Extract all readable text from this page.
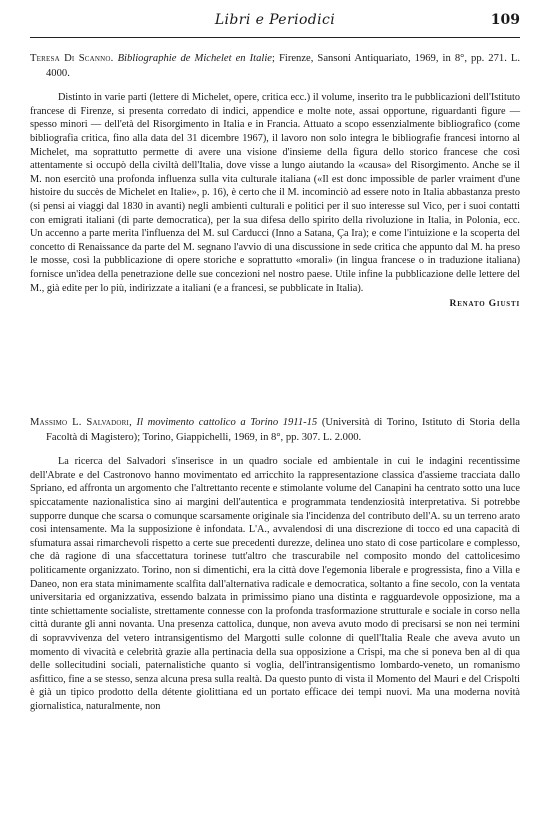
Libri e Periodici	109

Teresa Di Scanno. Bibliographie de Michelet en Italie; Firenze, Sansoni Antiquariato, 1969, in 8°, pp. 271. L. 4000.

Distinto in varie parti (lettere di Michelet, opere, critica ecc.) il volume, inserito tra le pubblicazioni dell'Istituto francese di Firenze, si presenta corredato di indici, appendice e molte note, assai opportune, riguardanti figure — spesso minori — dell'età del Risorgimento in Italia e in Francia. Attuato a scopo essenzialmente bibliografico (come bibliografia critica, fino alla data del 31 dicembre 1967), il lavoro non solo integra le bibliografie francesi intorno al Michelet, ma soprattutto permette di avere una visione d'insieme della figura dello storico francese che così attentamente si occupò della civiltà dell'Italia, dove visse a lungo aiutando la «causa» del Risorgimento. Anche se il M. non esercitò una profonda influenza sulla vita culturale italiana («Il est donc impossible de parler vraiment d'une histoire du succès de Michelet en Italie», p. 16), è certo che il M. incominciò ad essere noto in Italia abbastanza presto (si pensi ai viaggi dal 1830 in avanti) negli ambienti culturali e politici per il suo interesse sul Vico, per i suoi contatti con emigrati italiani (di parte democratica), per la sua difesa dello spirito della rivoluzione in Italia, in Polonia, ecc. Un accenno a parte merita l'influenza del M. sul Carducci (Inno a Satana, Ça Ira); e come l'intuizione e la scoperta del concetto di Renaissance da parte del M. segnano l'avvio di una discussione in sede critica che appunto dal M. ha preso le mosse, così la pubblicazione di opere storiche e soprattutto «morali» (in lingua francese o in traduzione italiana) fornisce un'idea della penetrazione delle sue concezioni nel nostro paese. Utile infine la pubblicazione delle lettere del M., già edite per lo più, indirizzate a italiani (e a francesi, se pubblicate in Italia).

Renato Giusti

Massimo L. Salvadori, Il movimento cattolico a Torino 1911-15 (Università di Torino, Istituto di Storia della Facoltà di Magistero); Torino, Giappichelli, 1969, in 8°, pp. 307. L. 2.000.

La ricerca del Salvadori s'inserisce in un quadro sociale ed ambientale in cui le indagini recentissime dell'Abrate e del Castronovo hanno movimentato ed arricchito la rappresentazione classica d'assieme tracciata dallo Spriano, ed affronta un argomento che l'altrettanto recente e stimolante volume del Canapini ha centrato sotto una luce spiccatamente nazionalistica sino ai margini dell'autentica e programmata tendenziosità interpretativa. Si potrebbe supporre dunque che scarsa o comunque scarsamente originale sia l'incidenza del contributo dell'A. su un terreno arato così intensamente. Ma la supposizione è infondata. L'A., avvalendosi di una discrezione di tocco ed una capacità di sfumatura assai rimarchevoli rispetto a certe sue precedenti durezze, delinea uno stato di cose particolare e complesso, che dà ragione di una sfaccettatura torinese tutt'altro che trascurabile nel composito mondo del cattolicesimo politicamente organizzato. Torino, non si dimentichi, era la città dove l'egemonia liberale e progressista, fino a Villa e Daneo, non era stata minimamente scalfita dall'alternativa radicale e democratica, soltanto a fine secolo, con la ventata universitaria ed organizzativa, essendo balzata in primissimo piano una distinta e ragguardevole opposizione, ma a tinte schiettamente socialiste, strettamente connesse con la profonda trasformazione strutturale e sociale in corso nella città durante gli anni novanta. Una presenza cattolica, dunque, non aveva avuto modo di precisarsi se non nei termini di sopravvivenza del vetero intransigentismo del Margotti sulle colonne di quell'Italia Reale che aveva avuto un momento di vivacità e celebrità grazie alla pertinacia della sua opposizione a Crispi, ma che si poneva ben al di qua delle sollecitudini sociali, paternalistiche quanto si voglia, dell'intransigentismo lombardo-veneto, un romanismo asfittico, fine a se stesso, senza alcuna presa sulla realtà. Da questo punto di vista il Momento del Mauri e del Crispolti è già un tipico prodotto della détente giolittiana ed un portato efficace dei tempi nuovi. Ma una moderna novità giornalistica, naturalmente, non
